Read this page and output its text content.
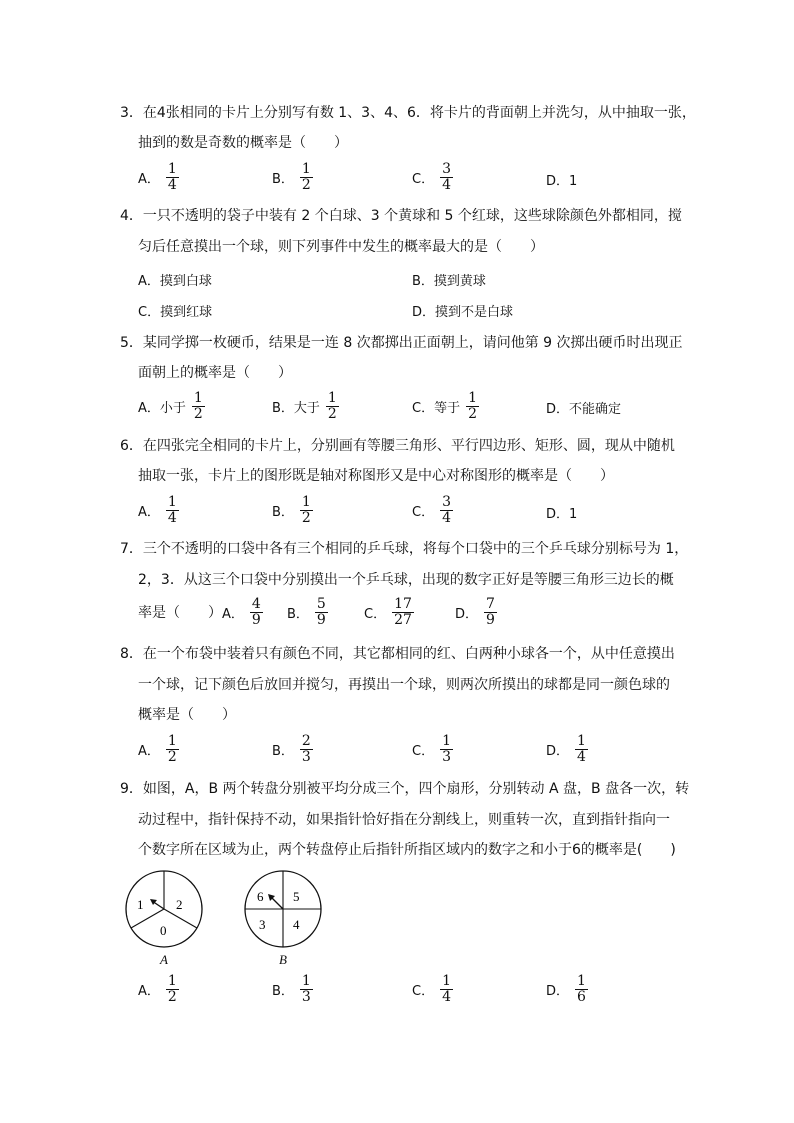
3．在4张相同的卡片上分别写有数 1、3、4、6．将卡片的背面朝上并洗匀，从中抽取一张，
抽到的数是奇数的概率是（　　）
A． $\frac{1}{4}$	B． $\frac{1}{2}$	C． $\frac{3}{4}$	D．1
4．一只不透明的袋子中装有 2 个白球、3 个黄球和 5 个红球，这些球除颜色外都相同，搅
匀后任意摸出一个球，则下列事件中发生的概率最大的是（　　）
A．摸到白球	B．摸到黄球
C．摸到红球	D．摸到不是白球
5．某同学掷一枚硬币，结果是一连 8 次都掷出正面朝上，请问他第 9 次掷出硬币时出现正
面朝上的概率是（　　）
A．小于 $\frac{1}{2}$	B．大于 $\frac{1}{2}$	C．等于 $\frac{1}{2}$	D．不能确定
6．在四张完全相同的卡片上，分别画有等腰三角形、平行四边形、矩形、圆，现从中随机
抽取一张，卡片上的图形既是轴对称图形又是中心对称图形的概率是（　　）
A． $\frac{1}{4}$	B． $\frac{1}{2}$	C． $\frac{3}{4}$	D．1
7．三个不透明的口袋中各有三个相同的乒乓球，将每个口袋中的三个乒乓球分别标号为 1，
2，3．从这三个口袋中分别摸出一个乒乓球，出现的数字正好是等腰三角形三边长的概
率是（　　） A． $\frac{4}{9}$ B． $\frac{5}{9}$	C． $\frac{17}{27}$	D． $\frac{7}{9}$
8．在一个布袋中装着只有颜色不同，其它都相同的红、白两种小球各一个，从中任意摸出
一个球，记下颜色后放回并搅匀，再摸出一个球，则两次所摸出的球都是同一颜色球的
概率是（　　）
A． $\frac{1}{2}$	B． $\frac{2}{3}$	C． $\frac{1}{3}$	D． $\frac{1}{4}$
9．如图，A，B 两个转盘分别被平均分成三个，四个扇形，分别转动 A 盘，B 盘各一次，转
动过程中，指针保持不动，如果指针恰好指在分割线上，则重转一次，直到指针指向一
个数字所在区域为止，两个转盘停止后指针所指区域内的数字之和小于6的概率是(　　)
1	2
0
A
6 5
3 4
B
A． $\frac{1}{2}$	B． $\frac{1}{3}$	C． $\frac{1}{4}$	D． $\frac{1}{6}$
